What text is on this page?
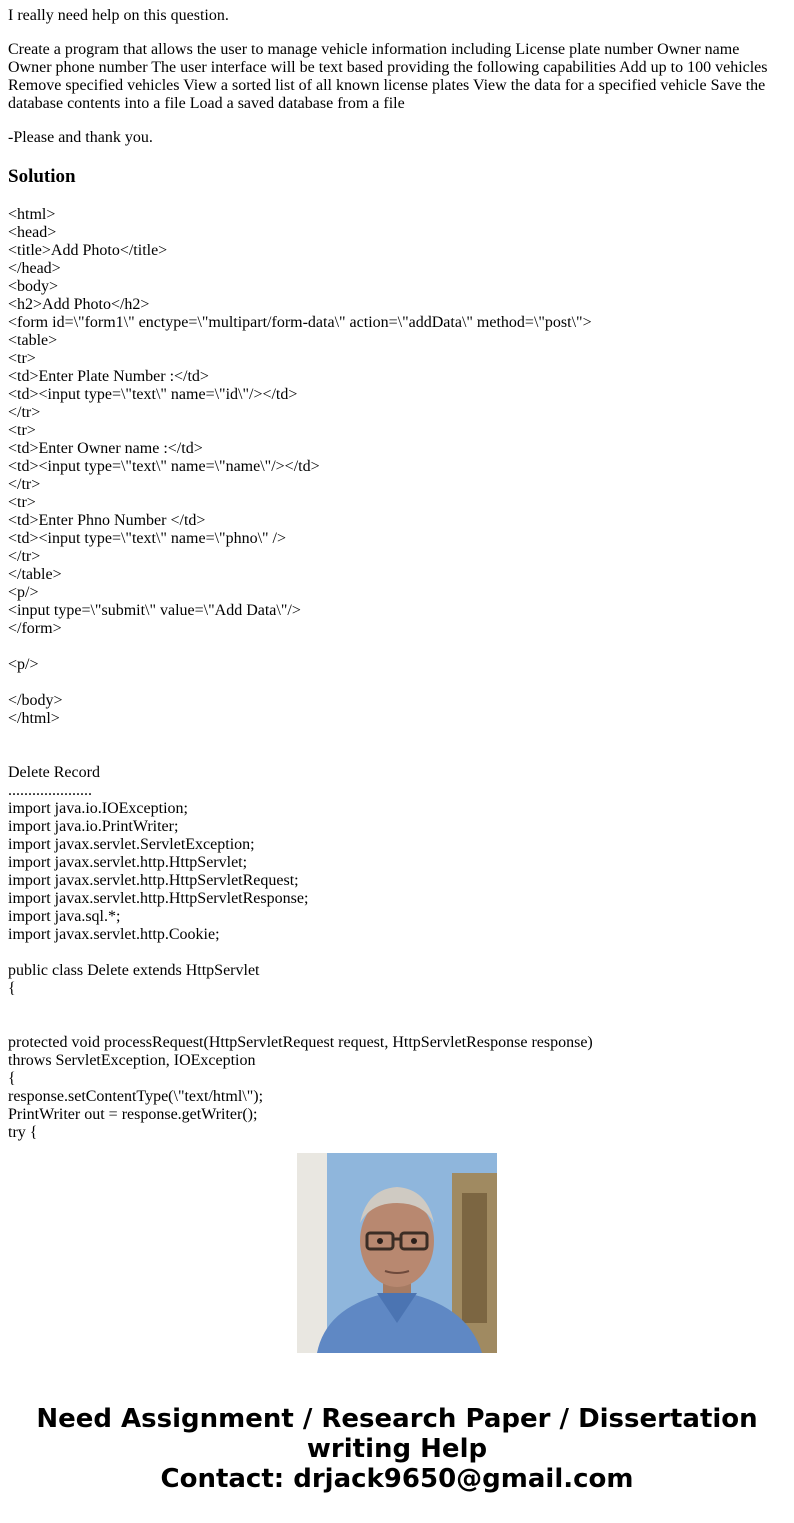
I really need help on this question.

Create a program that allows the user to manage vehicle information including License plate number Owner name Owner phone number The user interface will be text based providing the following capabilities Add up to 100 vehicles Remove specified vehicles View a sorted list of all known license plates View the data for a specified vehicle Save the database contents into a file Load a saved database from a file

-Please and thank you.

Solution
<html>
<head>
<title>Add Photo</title>
</head>
<body>
<h2>Add Photo</h2>
<form id=\"form1\" enctype=\"multipart/form-data\" action=\"addData\" method=\"post\">
<table>
<tr>
<td>Enter Plate Number :</td>
<td><input type=\"text\" name=\"id\"/></td>
</tr>
<tr>
<td>Enter Owner name :</td>
<td><input type=\"text\" name=\"name\"/></td>
</tr>
<tr>
<td>Enter Phno Number </td>
<td><input type=\"text\" name=\"phno\" />
</tr>
</table>
<p/>
<input type=\"submit\" value=\"Add Data\"/>
</form>

<p/>

</body>
</html>

Delete Record
.....................
import java.io.IOException;
import java.io.PrintWriter;
import javax.servlet.ServletException;
import javax.servlet.http.HttpServlet;
import javax.servlet.http.HttpServletRequest;
import javax.servlet.http.HttpServletResponse;
import java.sql.*;
import javax.servlet.http.Cookie;

public class Delete extends HttpServlet
{

protected void processRequest(HttpServletRequest request, HttpServletResponse response)
throws ServletException, IOException
{
response.setContentType(\"text/html\");
PrintWriter out = response.getWriter();
try {
Need Assignment / Research Paper / Dissertation
writing Help
Contact: drjack9650@gmail.com
